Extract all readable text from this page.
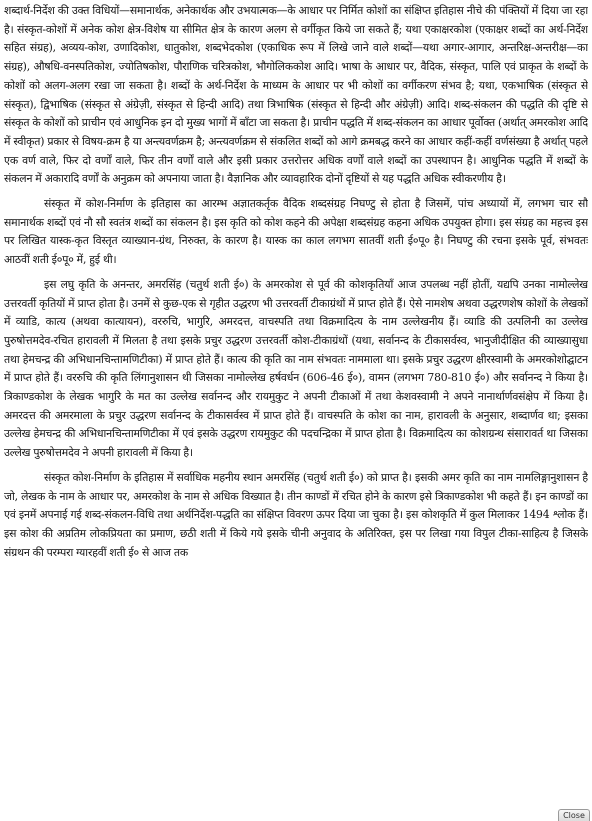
शब्दार्थ-निर्देश की उक्त विधियों—समानार्थक, अनेकार्थक और उभयात्मक—के आधार पर निर्मित कोशों का संक्षिप्त इतिहास नीचे की पंक्तियों में दिया जा रहा है। संस्कृत-कोशों में अनेक कोश क्षेत्र-विशेष या सीमित क्षेत्र के कारण अलग से वर्गीकृत किये जा सकते हैं; यथा एकाक्षरकोश (एकाक्षर शब्दों का अर्थ-निर्देश सहित संग्रह), अव्यय-कोश, उणादिकोश, धातुकोश, शब्दभेदकोश (एकाधिक रूप में लिखे जाने वाले शब्दों—यथा अगार-आगार, अन्तरिक्ष-अन्तरीक्ष—का संग्रह), औषधि-वनस्पतिकोश, ज्योतिषकोश, पौराणिक चरित्रकोश, भौगोलिककोश आदि। भाषा के आधार पर, वैदिक, संस्कृत, पालि एवं प्राकृत के शब्दों के कोशों को अलग-अलग रखा जा सकता है। शब्दों के अर्थ-निर्देश के माध्यम के आधार पर भी कोशों का वर्गीकरण संभव है; यथा, एकभाषिक (संस्कृत से संस्कृत), द्विभाषिक (संस्कृत से अंग्रेज़ी, संस्कृत से हिन्दी आदि) तथा त्रिभाषिक (संस्कृत से हिन्दी और अंग्रेज़ी) आदि। शब्द-संकलन की पद्धति की दृष्टि से संस्कृत के कोशों को प्राचीन एवं आधुनिक इन दो मुख्य भागों में बाँटा जा सकता है। प्राचीन पद्धति में शब्द-संकलन का आधार पूर्वोक्त (अर्थात् अमरकोश आदि में स्वीकृत) प्रकार से विषय-क्रम है या अन्त्यवर्णक्रम है; अन्त्यवर्णक्रम से संकलित शब्दों को आगे क्रमबद्ध करने का आधार कहीं-कहीं वर्णसंख्या है अर्थात् पहले एक वर्ण वाले, फिर दो वर्णों वाले, फिर तीन वर्णों वाले और इसी प्रकार उत्तरोत्तर अधिक वर्णों वाले शब्दों का उपस्थापन है। आधुनिक पद्धति में शब्दों के संकलन में अकारादि वर्णों के अनुक्रम को अपनाया जाता है। वैज्ञानिक और व्यावहारिक दोनों दृष्टियों से यह पद्धति अधिक स्वीकरणीय है।

संस्कृत में कोश-निर्माण के इतिहास का आरम्भ अज्ञातकर्तृक वैदिक शब्दसंग्रह निघण्टु से होता है जिसमें, पांच अध्यायों में, लगभग चार सौ समानार्थक शब्दों एवं नौ सौ स्वतंत्र शब्दों का संकलन है। इस कृति को कोश कहने की अपेक्षा शब्दसंग्रह कहना अधिक उपयुक्त होगा। इस संग्रह का महत्त्व इस पर लिखित यास्क-कृत विस्तृत व्याख्यान-ग्रंथ, निरुक्त, के कारण है। यास्क का काल लगभग सातवीं शती ई०पू० है। निघण्टु की रचना इसके पूर्व, संभवतः आठवीं शती ई०पू० में, हुई थी।

इस लघु कृति के अनन्तर, अमरसिंह (चतुर्थ शती ई०) के अमरकोश से पूर्व की कोशकृतियाँ आज उपलब्ध नहीं होतीं, यद्यपि उनका नामोल्लेख उत्तरवर्ती कृतियों में प्राप्त होता है। उनमें से कुछ-एक से गृहीत उद्धरण भी उत्तरवर्ती टीकाग्रंथों में प्राप्त होते हैं। ऐसे नामशेष अथवा उद्धरणशेष कोशों के लेखकों में व्याडि, कात्य (अथवा कात्यायन), वररुचि, भागुरि, अमरदत्त, वाचस्पति तथा विक्रमादित्य के नाम उल्लेखनीय हैं। व्याडि की उत्पलिनी का उल्लेख पुरुषोत्तमदेव-रचित हारावली में मिलता है तथा इसके प्रचुर उद्धरण उत्तरवर्ती कोश-टीकाग्रंथों (यथा, सर्वानन्द के टीकासर्वस्व, भानुजीदीक्षित की व्याख्यासुधा तथा हेमचन्द्र की अभिधानचिन्तामणिटीका) में प्राप्त होते हैं। कात्य की कृति का नाम संभवतः नाममाला था। इसके प्रचुर उद्धरण क्षीरस्वामी के अमरकोशोद्घाटन में प्राप्त होते हैं। वररुचि की कृति लिंगानुशासन थी जिसका नामोल्लेख हर्षवर्धन (606-46 ई०), वामन (लगभग 780-810 ई०) और सर्वानन्द ने किया है। त्रिकाण्डकोश के लेखक भागुरि के मत का उल्लेख सर्वानन्द और रायमुकुट ने अपनी टीकाओं में तथा केशवस्वामी ने अपने नानार्थार्णवसंक्षेप में किया है। अमरदत्त की अमरमाला के प्रचुर उद्धरण सर्वानन्द के टीकासर्वस्व में प्राप्त होते हैं। वाचस्पति के कोश का नाम, हारावली के अनुसार, शब्दार्णव था; इसका उल्लेख हेमचन्द्र की अभिधानचिन्तामणिटीका में एवं इसके उद्धरण रायमुकुट की पदचन्द्रिका में प्राप्त होता है। विक्रमादित्य का कोशग्रन्थ संसारावर्त था जिसका उल्लेख पुरुषोत्तमदेव ने अपनी हारावली में किया है।

संस्कृत कोश-निर्माण के इतिहास में सर्वाधिक महनीय स्थान अमरसिंह (चतुर्थ शती ई०) को प्राप्त है। इसकी अमर कृति का नाम नामलिङ्गानुशासन है जो, लेखक के नाम के आधार पर, अमरकोश के नाम से अधिक विख्यात है। तीन काण्डों में रचित होने के कारण इसे त्रिकाण्डकोश भी कहते हैं। इन काण्डों का एवं इनमें अपनाई गई शब्द-संकलन-विधि तथा अर्थनिर्देश-पद्धति का संक्षिप्त विवरण ऊपर दिया जा चुका है। इस कोशकृति में कुल मिलाकर 1494 श्लोक हैं। इस कोश की अप्रतिम लोकप्रियता का प्रमाण, छठी शती में किये गये इसके चीनी अनुवाद के अतिरिक्त, इस पर लिखा गया विपुल टीका-साहित्य है जिसके संग्रथन की परम्परा ग्यारहवीं शती ई० से आज तक

Close
